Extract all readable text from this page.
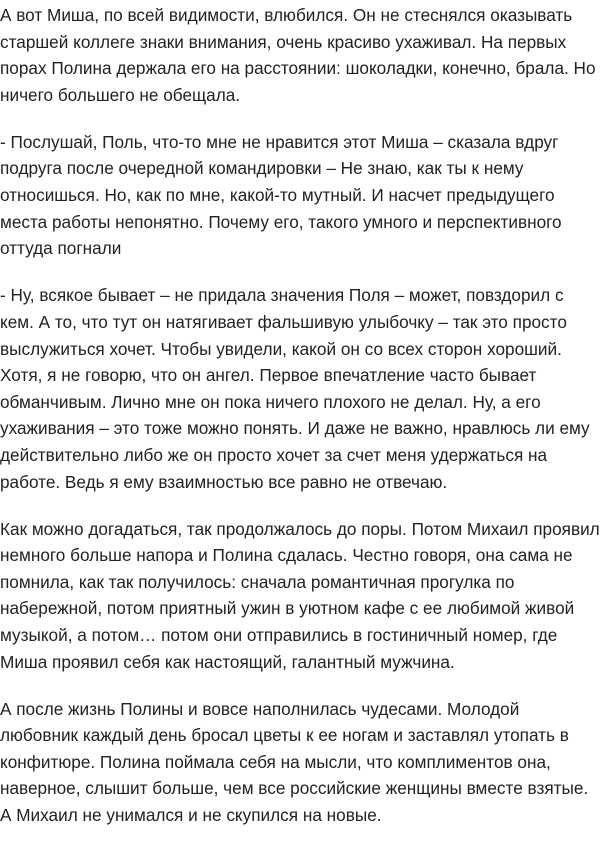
А вот Миша, по всей видимости, влюбился. Он не стеснялся оказывать старшей коллеге знаки внимания, очень красиво ухаживал. На первых порах Полина держала его на расстоянии: шоколадки, конечно, брала. Но ничего большего не обещала.

- Послушай, Поль, что-то мне не нравится этот Миша – сказала вдруг подруга после очередной командировки – Не знаю, как ты к нему относишься. Но, как по мне, какой-то мутный. И насчет предыдущего места работы непонятно. Почему его, такого умного и перспективного оттуда погнали

- Ну, всякое бывает – не придала значения Поля – может, повздорил с кем. А то, что тут он натягивает фальшивую улыбочку – так это просто выслужиться хочет. Чтобы увидели, какой он со всех сторон хороший. Хотя, я не говорю, что он ангел. Первое впечатление часто бывает обманчивым. Лично мне он пока ничего плохого не делал. Ну, а его ухаживания – это тоже можно понять. И даже не важно, нравлюсь ли ему действительно либо же он просто хочет за счет меня удержаться на работе. Ведь я ему взаимностью все равно не отвечаю.

Как можно догадаться, так продолжалось до поры. Потом Михаил проявил немного больше напора и Полина сдалась. Честно говоря, она сама не помнила, как так получилось: сначала романтичная прогулка по набережной, потом приятный ужин в уютном кафе с ее любимой живой музыкой, а потом… потом они отправились в гостиничный номер, где Миша проявил себя как настоящий, галантный мужчина.

А после жизнь Полины и вовсе наполнилась чудесами. Молодой любовник каждый день бросал цветы к ее ногам и заставлял утопать в конфитюре. Полина поймала себя на мысли, что комплиментов она, наверное, слышит больше, чем все российские женщины вместе взятые. А Михаил не унимался и не скупился на новые.
